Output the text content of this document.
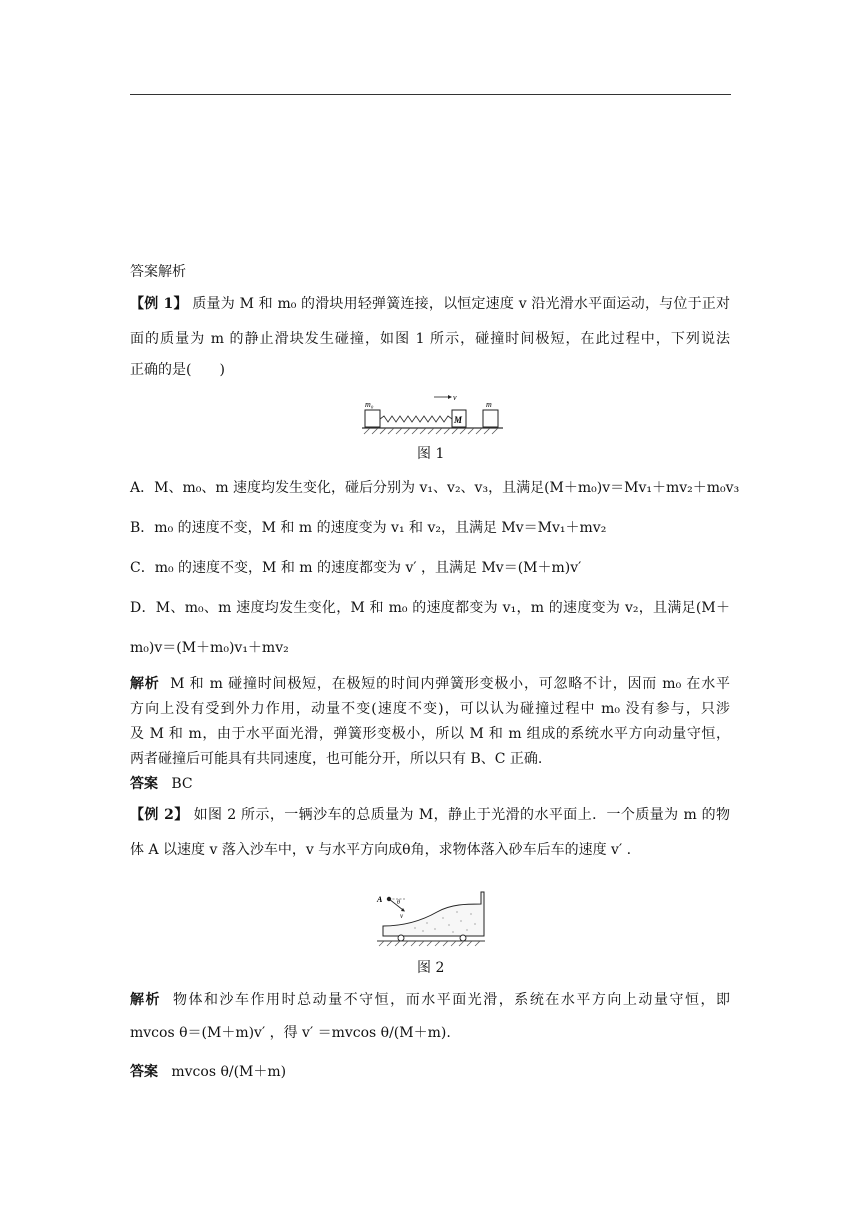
答案解析
【例 1】 质量为 M 和 m₀ 的滑块用轻弹簧连接，以恒定速度 v 沿光滑水平面运动，与位于正对
面的质量为 m 的静止滑块发生碰撞，如图 1 所示，碰撞时间极短，在此过程中，下列说法
正确的是(　　)
m₀
M
v
m
图 1
A．M、m₀、m 速度均发生变化，碰后分别为 v₁、v₂、v₃，且满足(M＋m₀)v＝Mv₁＋mv₂＋m₀v₃
B．m₀ 的速度不变，M 和 m 的速度变为 v₁ 和 v₂，且满足 Mv＝Mv₁＋mv₂
C．m₀ 的速度不变，M 和 m 的速度都变为 v′ ，且满足 Mv＝(M＋m)v′
D．M、m₀、m 速度均发生变化，M 和 m₀ 的速度都变为 v₁，m 的速度变为 v₂，且满足(M＋
m₀)v＝(M＋m₀)v₁＋mv₂
解析 M 和 m 碰撞时间极短，在极短的时间内弹簧形变极小，可忽略不计，因而 m₀ 在水平
方向上没有受到外力作用，动量不变(速度不变)，可以认为碰撞过程中 m₀ 没有参与，只涉
及 M 和 m，由于水平面光滑，弹簧形变极小，所以 M 和 m 组成的系统水平方向动量守恒，
两者碰撞后可能具有共同速度，也可能分开，所以只有 B、C 正确.
答案 BC
【例 2】 如图 2 所示，一辆沙车的总质量为 M，静止于光滑的水平面上．一个质量为 m 的物
体 A 以速度 v 落入沙车中，v 与水平方向成θ角，求物体落入砂车后车的速度 v′ .
A θ
v
图 2
解析 物体和沙车作用时总动量不守恒，而水平面光滑，系统在水平方向上动量守恒，即
mvcos θ＝(M＋m)v′ ，得 v′ ＝mvcos θ/(M＋m).
答案 mvcos θ/(M＋m)
